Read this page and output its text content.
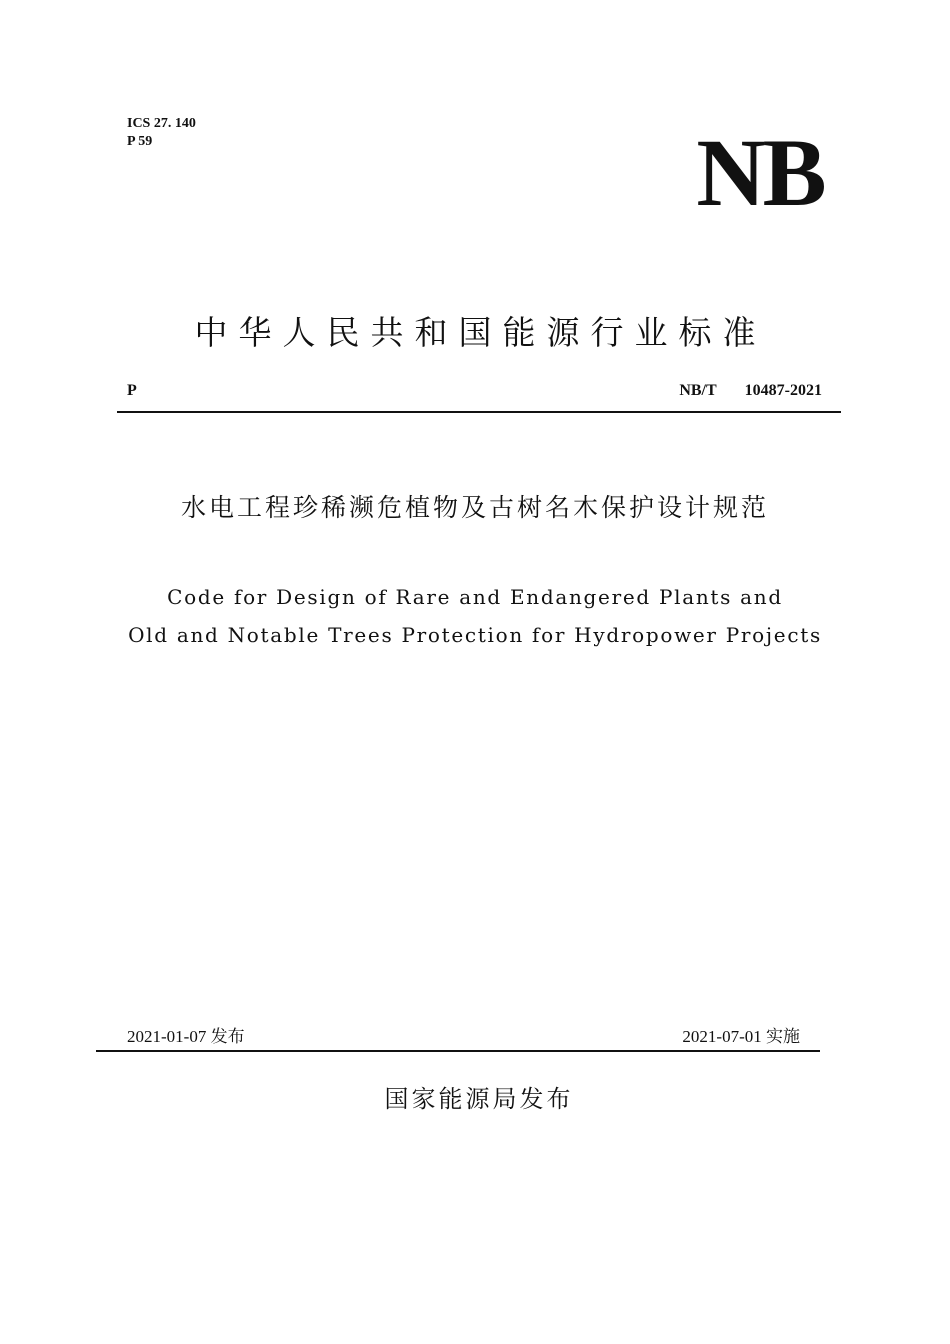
ICS 27. 140
P 59	NB
中华人民共和国能源行业标准
P	NB/T 10487-2021
水电工程珍稀濒危植物及古树名木保护设计规范
Code for Design of Rare and Endangered Plants and
Old and Notable Trees Protection for Hydropower Projects
2021-01-07 发布	2021-07-01 实施
国家能源局发布
